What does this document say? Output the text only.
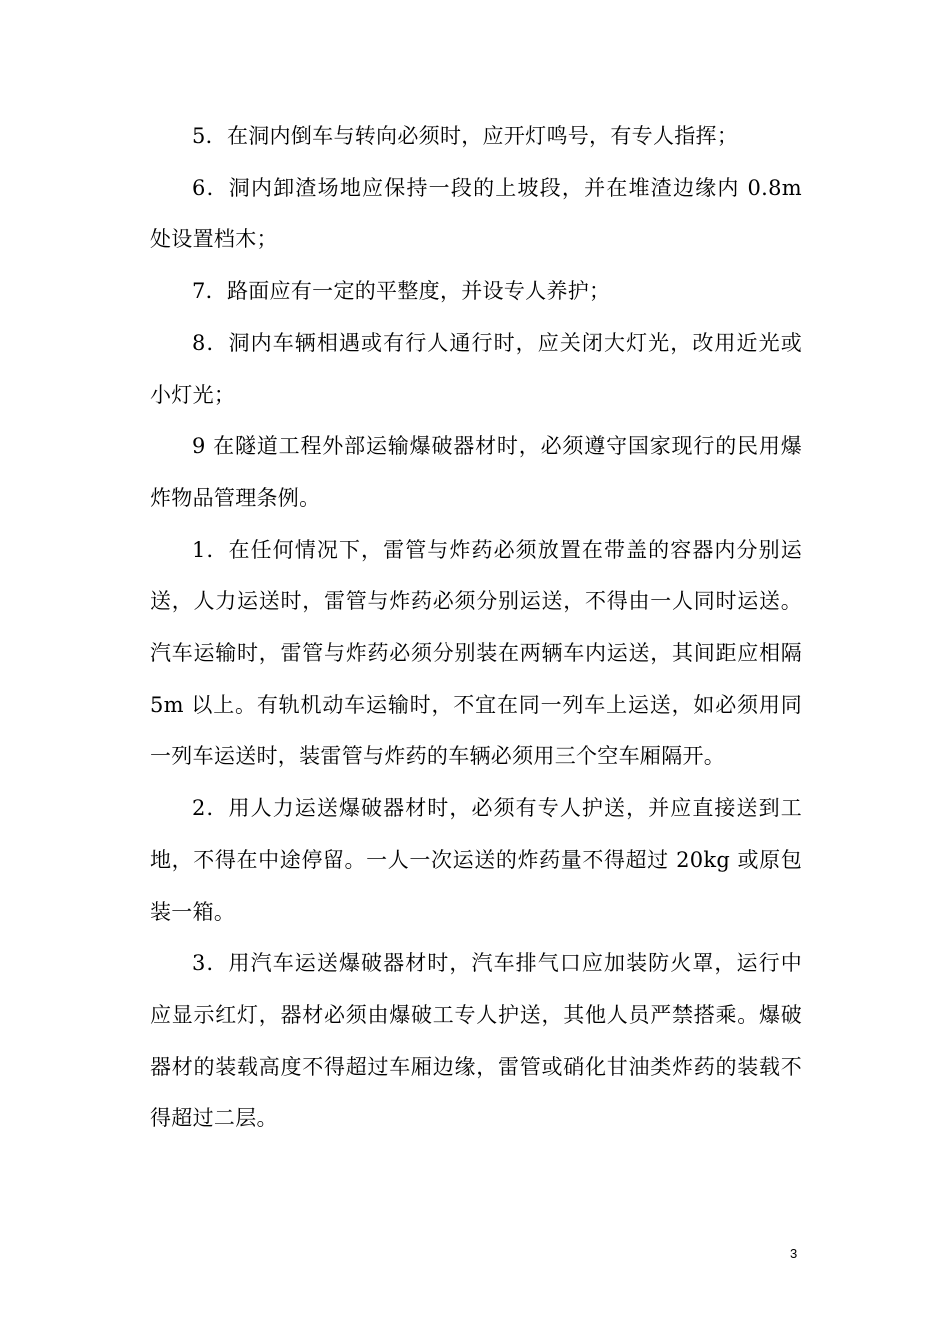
5．在洞内倒车与转向必须时，应开灯鸣号，有专人指挥；

6．洞内卸渣场地应保持一段的上坡段，并在堆渣边缘内 0.8m 处设置档木；

7．路面应有一定的平整度，并设专人养护；

8．洞内车辆相遇或有行人通行时，应关闭大灯光，改用近光或小灯光；

9 在隧道工程外部运输爆破器材时，必须遵守国家现行的民用爆炸物品管理条例。

1．在任何情况下，雷管与炸药必须放置在带盖的容器内分别运送，人力运送时，雷管与炸药必须分别运送，不得由一人同时运送。汽车运输时，雷管与炸药必须分别装在两辆车内运送，其间距应相隔 5m 以上。有轨机动车运输时，不宜在同一列车上运送，如必须用同一列车运送时，装雷管与炸药的车辆必须用三个空车厢隔开。

2．用人力运送爆破器材时，必须有专人护送，并应直接送到工地，不得在中途停留。一人一次运送的炸药量不得超过 20kg 或原包装一箱。

3．用汽车运送爆破器材时，汽车排气口应加装防火罩，运行中应显示红灯，器材必须由爆破工专人护送，其他人员严禁搭乘。爆破器材的装载高度不得超过车厢边缘，雷管或硝化甘油类炸药的装载不得超过二层。

3
